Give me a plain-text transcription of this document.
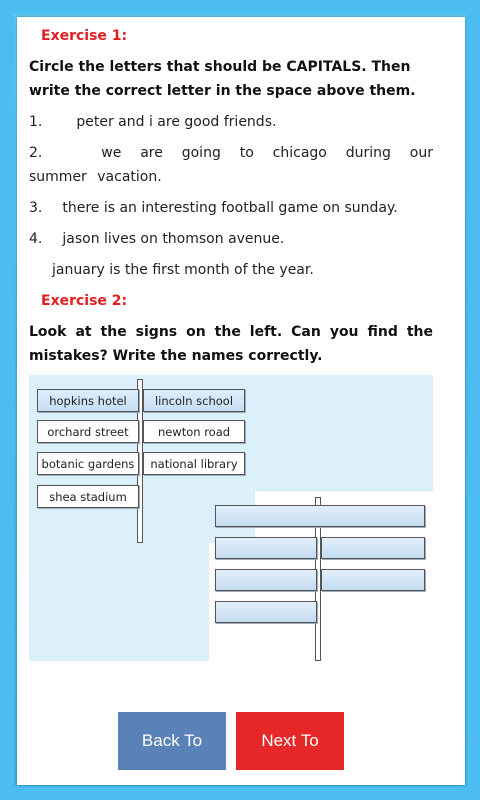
Exercise 1:
Circle the letters that should be CAPITALS. Then write the correct letter in the space above them.
1. peter and i are good friends.
2.	we are going to chicago during our summer vacation.
3. there is an interesting football game on sunday.
4. jason lives on thomson avenue.
january is the first month of the year.
Exercise 2:
Look at the signs on the left. Can you find the mistakes? Write the names correctly.
hopkins hotel	lincoln school
orchard street	newton road
botanic gardens	national library
shea stadium
Back To	Next To
